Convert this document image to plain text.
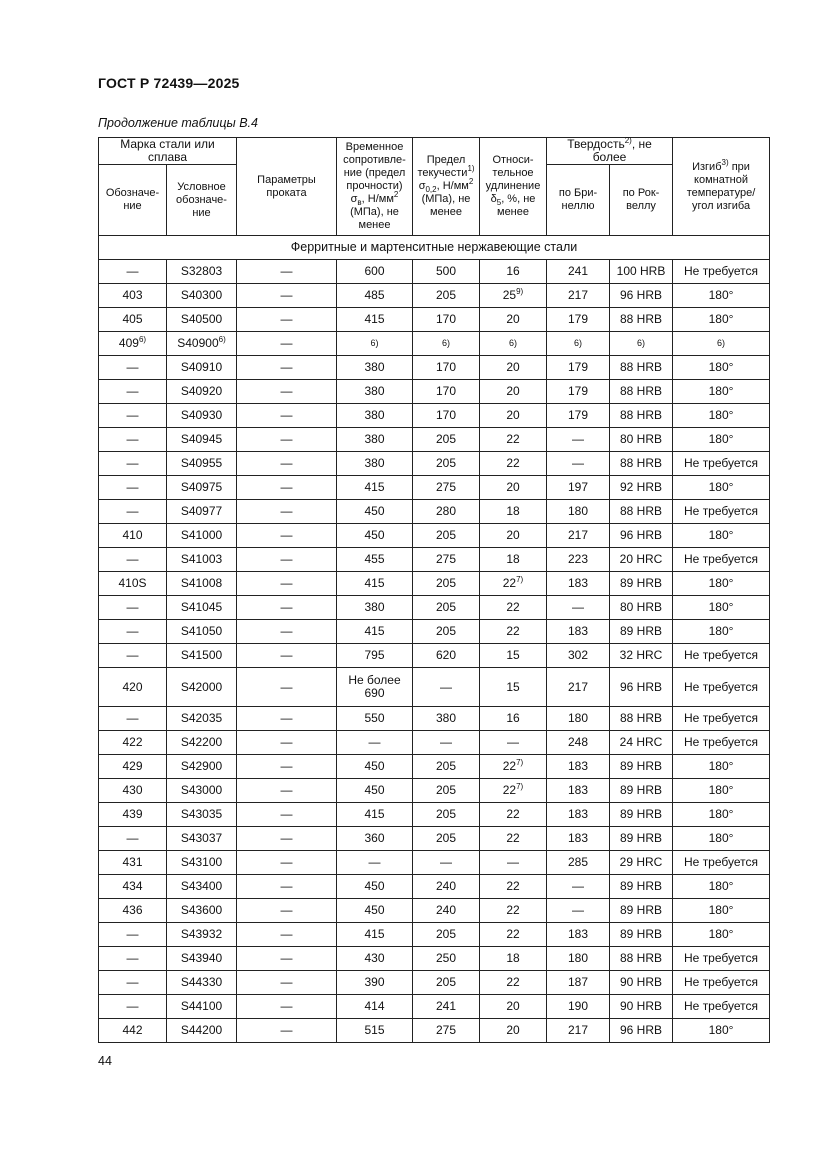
ГОСТ Р 72439—2025
Продолжение таблицы В.4
Марка стали или сплава		Параметры проката	Временное сопротивле-ние (предел прочности) $\sigma_в$, $Н/мм^2$ (МПа), не менее	Предел текучести$^{1)}$ $\sigma_{0,2}$, $Н/мм^2$ (МПа), не менее	Относи-тельное удлинение $\delta_5$, %, не менее	Твердость$^{2)}$, не более		Изгиб$^{3)}$ при комнатной температуре/ угол изгиба
Обозначе-ние	Условное обозначе-ние					по Бри-неллю	по Рок-веллу	
Ферритные и мартенситные нержавеющие стали								
—	S32803	—	600	500	16	241	100 HRB	Не требуется
403	S40300	—	485	205	25$^{9)}$	217	96 HRB	180°
405	S40500	—	415	170	20	179	88 HRB	180°
409$^{6)}$	S40900$^{6)}$	—	6)	6)	6)	6)	6)	6)
—	S40910	—	380	170	20	179	88 HRB	180°
—	S40920	—	380	170	20	179	88 HRB	180°
—	S40930	—	380	170	20	179	88 HRB	180°
—	S40945	—	380	205	22	—	80 HRB	180°
—	S40955	—	380	205	22	—	88 HRB	Не требуется
—	S40975	—	415	275	20	197	92 HRB	180°
—	S40977	—	450	280	18	180	88 HRB	Не требуется
410	S41000	—	450	205	20	217	96 HRB	180°
—	S41003	—	455	275	18	223	20 HRC	Не требуется
410S	S41008	—	415	205	22$^{7)}$	183	89 HRB	180°
—	S41045	—	380	205	22	—	80 HRB	180°
—	S41050	—	415	205	22	183	89 HRB	180°
—	S41500	—	795	620	15	302	32 HRC	Не требуется
420	S42000	—	Не более 690	—	15	217	96 HRB	Не требуется
—	S42035	—	550	380	16	180	88 HRB	Не требуется
422	S42200	—	—	—	—	248	24 HRC	Не требуется
429	S42900	—	450	205	22$^{7)}$	183	89 HRB	180°
430	S43000	—	450	205	22$^{7)}$	183	89 HRB	180°
439	S43035	—	415	205	22	183	89 HRB	180°
—	S43037	—	360	205	22	183	89 HRB	180°
431	S43100	—	—	—	—	285	29 HRC	Не требуется
434	S43400	—	450	240	22	—	89 HRB	180°
436	S43600	—	450	240	22	—	89 HRB	180°
—	S43932	—	415	205	22	183	89 HRB	180°
—	S43940	—	430	250	18	180	88 HRB	Не требуется
—	S44330	—	390	205	22	187	90 HRB	Не требуется
—	S44100	—	414	241	20	190	90 HRB	Не требуется
442	S44200	—	515	275	20	217	96 HRB	180°
44
